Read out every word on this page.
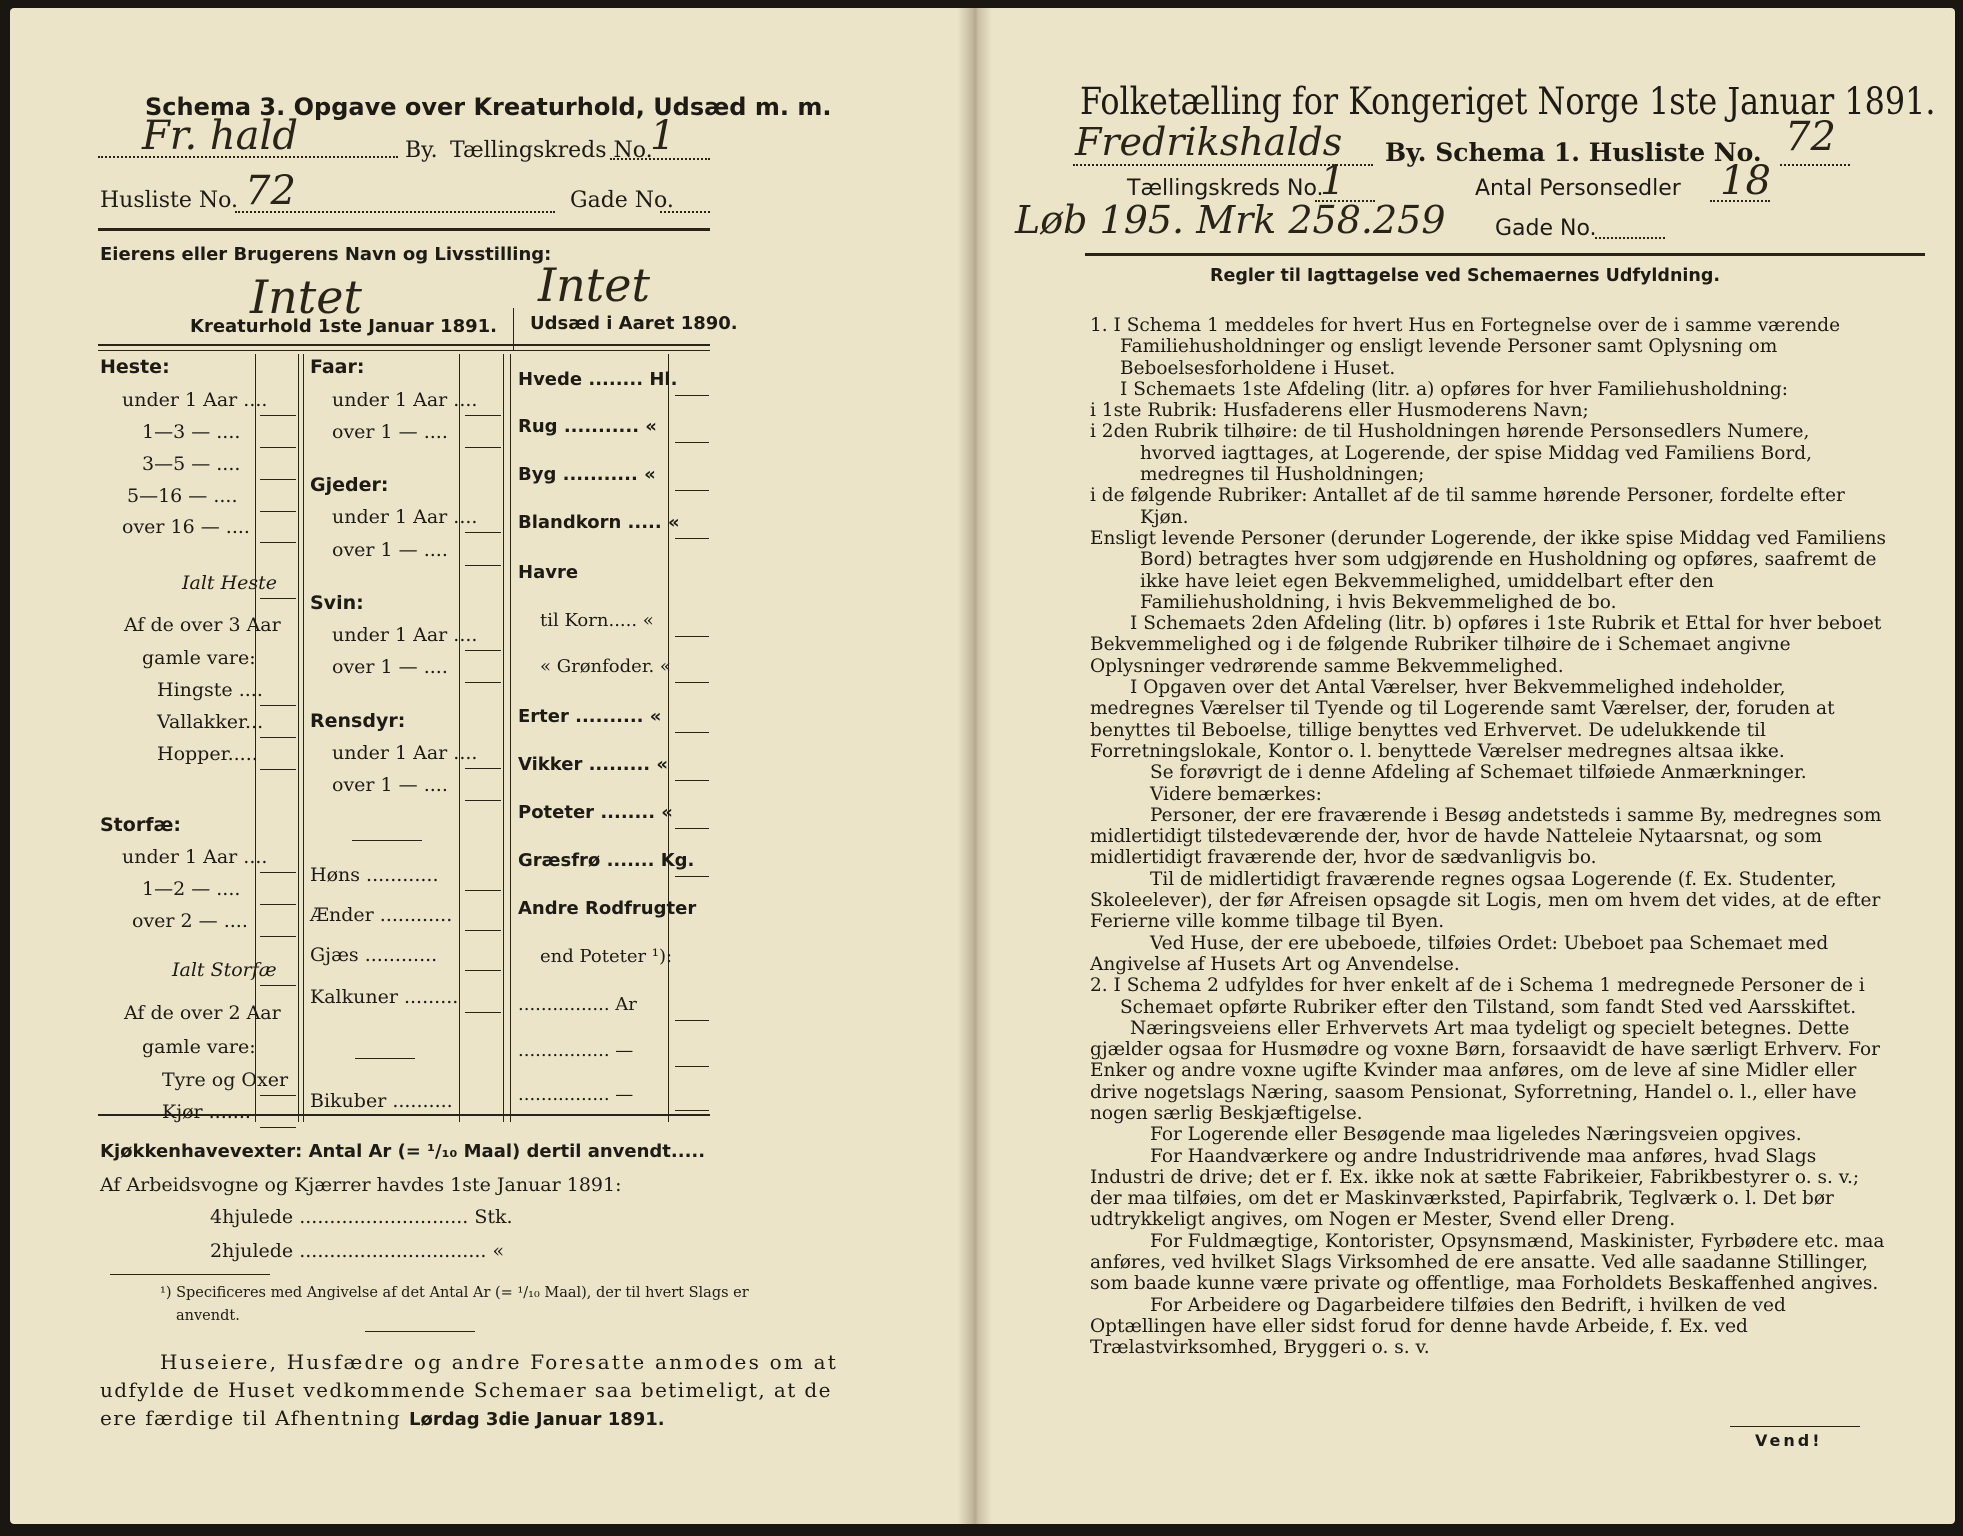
Schema 3. Opgave over Kreaturhold, Udsæd m. m.
Fr. hald	By. Tællingskreds No.
1
Husliste No. 72	Gade No.
Eierens eller Brugerens Navn og Livsstilling:
Intet	Intet
Kreaturhold 1ste Januar 1891. Udsæd i Aaret 1890.
Heste:
under 1 Aar ....
1—3 — ....
3—5 — ....
5—16 — ....
over 16 — ....
Ialt Heste
Af de over 3 Aar
gamle vare:
Hingste ....
Vallakker...
Hopper.....
Storfæ:
under 1 Aar ....
1—2 — ....
over 2 — ....
Ialt Storfæ
Af de over 2 Aar
gamle vare:
Tyre og Oxer
Kjør .......
Faar:
under 1 Aar ....
over 1 — ....
Gjeder:
under 1 Aar ....
over 1 — ....
Svin:
under 1 Aar ....
over 1 — ....
Rensdyr:
under 1 Aar ....
over 1 — ....
Høns ............
Ænder ............
Gjæs ............
Kalkuner .........
Bikuber ..........
Hvede ........ Hl.
Rug ........... «
Byg ........... «
Blandkorn ..... «
Havre
til Korn..... «
« Grønfoder. «
Erter .......... «
Vikker ......... «
Poteter ........ «
Græsfrø ....... Kg.
Andre Rodfrugter
end Poteter ¹):
................ Ar
................ —
................ —
Kjøkkenhavevexter: Antal Ar (= ¹/₁₀ Maal) dertil anvendt.....
Af Arbeidsvogne og Kjærrer havdes 1ste Januar 1891:
4hjulede ............................ Stk.
2hjulede ............................... «
¹) Specificeres med Angivelse af det Antal Ar (= ¹/₁₀ Maal), der til hvert Slags er
anvendt.
Huseiere, Husfædre og andre Foresatte anmodes om at
udfylde de Huset vedkommende Schemaer saa betimeligt, at de
ere færdige til Afhentning Lørdag 3die Januar 1891.
Folketælling for Kongeriget Norge 1ste Januar 1891.
Fredrikshalds By. Schema 1. Husliste No. 72
Tællingskreds No.
1	Antal Personsedler 18
Løb 195. Mrk 258.259 Gade No.
Regler til Iagttagelse ved Schemaernes Udfyldning.

1. I Schema 1 meddeles for hvert Hus en Fortegnelse over de i samme værende Familiehusholdninger og ensligt levende Personer samt Oplysning om Beboelsesforholdene i Huset.

I Schemaets 1ste Afdeling (litr. a) opføres for hver Familiehusholdning:

i 1ste Rubrik: Husfaderens eller Husmoderens Navn;

i 2den Rubrik tilhøire: de til Husholdningen hørende Personsedlers Numere, hvorved iagttages, at Logerende, der spise Middag ved Familiens Bord, medregnes til Husholdningen;

i de følgende Rubriker: Antallet af de til samme hørende Personer, fordelte efter Kjøn.

Ensligt levende Personer (derunder Logerende, der ikke spise Middag ved Familiens Bord) betragtes hver som udgjørende en Husholdning og opføres, saafremt de ikke have leiet egen Bekvemmelighed, umiddelbart efter den Familiehusholdning, i hvis Bekvemmelighed de bo.

I Schemaets 2den Afdeling (litr. b) opføres i 1ste Rubrik et Ettal for hver beboet Bekvemmelighed og i de følgende Rubriker tilhøire de i Schemaet angivne Oplysninger vedrørende samme Bekvemmelighed.

I Opgaven over det Antal Værelser, hver Bekvemmelighed indeholder, medregnes Værelser til Tyende og til Logerende samt Værelser, der, foruden at benyttes til Beboelse, tillige benyttes ved Erhvervet. De udelukkende til Forretningslokale, Kontor o. l. benyttede Værelser medregnes altsaa ikke.

Se forøvrigt de i denne Afdeling af Schemaet tilføiede Anmærkninger.

Videre bemærkes:

Personer, der ere fraværende i Besøg andetsteds i samme By, medregnes som midlertidigt tilstedeværende der, hvor de havde Natteleie Nytaarsnat, og som midlertidigt fraværende der, hvor de sædvanligvis bo.

Til de midlertidigt fraværende regnes ogsaa Logerende (f. Ex. Studenter, Skoleelever), der før Afreisen opsagde sit Logis, men om hvem det vides, at de efter Ferierne ville komme tilbage til Byen.

Ved Huse, der ere ubeboede, tilføies Ordet: Ubeboet paa Schemaet med Angivelse af Husets Art og Anvendelse.

2. I Schema 2 udfyldes for hver enkelt af de i Schema 1 medregnede Personer de i Schemaet opførte Rubriker efter den Tilstand, som fandt Sted ved Aarsskiftet.

Næringsveiens eller Erhvervets Art maa tydeligt og specielt betegnes. Dette gjælder ogsaa for Husmødre og voxne Børn, forsaavidt de have særligt Erhverv. For Enker og andre voxne ugifte Kvinder maa anføres, om de leve af sine Midler eller drive nogetslags Næring, saasom Pensionat, Syforretning, Handel o. l., eller have nogen særlig Beskjæftigelse.

For Logerende eller Besøgende maa ligeledes Næringsveien opgives.

For Haandværkere og andre Industridrivende maa anføres, hvad Slags Industri de drive; det er f. Ex. ikke nok at sætte Fabrikeier, Fabrikbestyrer o. s. v.; der maa tilføies, om det er Maskinværksted, Papirfabrik, Teglværk o. l. Det bør udtrykkeligt angives, om Nogen er Mester, Svend eller Dreng.

For Fuldmægtige, Kontorister, Opsynsmænd, Maskinister, Fyrbødere etc. maa anføres, ved hvilket Slags Virksomhed de ere ansatte. Ved alle saadanne Stillinger, som baade kunne være private og offentlige, maa Forholdets Beskaffenhed angives.

For Arbeidere og Dagarbeidere tilføies den Bedrift, i hvilken de ved Optællingen have eller sidst forud for denne havde Arbeide, f. Ex. ved Trælastvirksomhed, Bryggeri o. s. v.

Vend!
